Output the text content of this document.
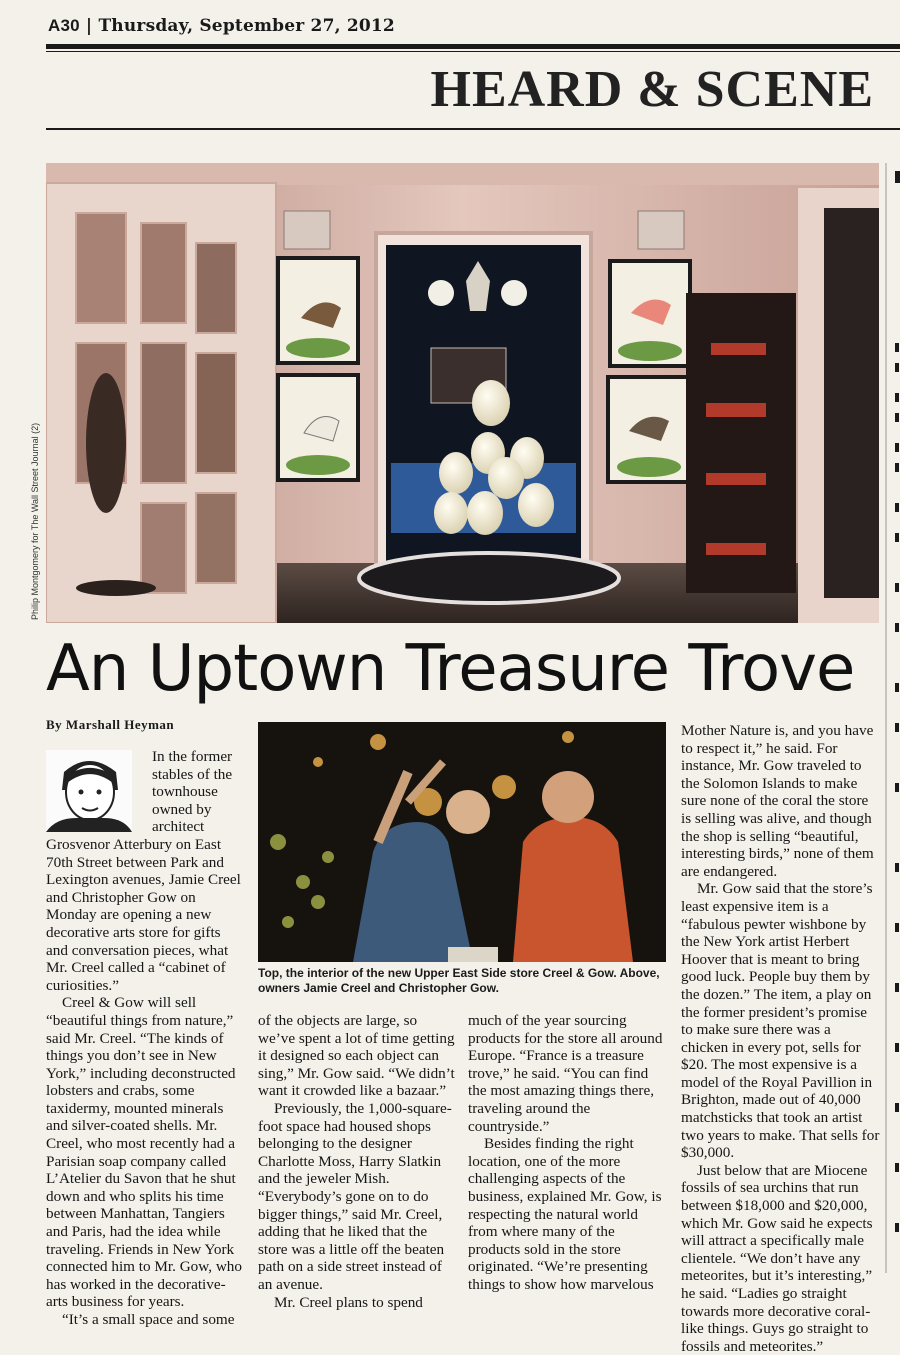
A30 | Thursday, September 27, 2012
HEARD & SCENE
Philip Montgomery for The Wall Street Journal (2)
An Uptown Treasure Trove
By Marshall Heyman

In the former stables of the townhouse owned by architect Grosvenor Atterbury on East 70th Street between Park and Lexington avenues, Jamie Creel and Christopher Gow on Monday are opening a new decorative arts store for gifts and conversation pieces, what Mr. Creel called a “cabinet of curiosities.”

Creel & Gow will sell “beautiful things from nature,” said Mr. Creel. “The kinds of things you don’t see in New York,” including deconstructed lobsters and crabs, some taxidermy, mounted minerals and silver-coated shells. Mr. Creel, who most recently had a Parisian soap company called L’Atelier du Savon that he shut down and who splits his time between Manhattan, Tangiers and Paris, had the idea while traveling. Friends in New York connected him to Mr. Gow, who has worked in the decorative-arts business for years.

“It’s a small space and some

Top, the interior of the new Upper East Side store Creel & Gow. Above, owners Jamie Creel and Christopher Gow.

of the objects are large, so we’ve spent a lot of time getting it designed so each object can sing,” Mr. Gow said. “We didn’t want it crowded like a bazaar.”

Previously, the 1,000-square-foot space had housed shops belonging to the designer Charlotte Moss, Harry Slatkin and the jeweler Mish. “Everybody’s gone on to do bigger things,” said Mr. Creel, adding that he liked that the store was a little off the beaten path on a side street instead of an avenue.

Mr. Creel plans to spend

much of the year sourcing products for the store all around Europe. “France is a treasure trove,” he said. “You can find the most amazing things there, traveling around the countryside.”

Besides finding the right location, one of the more challenging aspects of the business, explained Mr. Gow, is respecting the natural world from where many of the products sold in the store originated. “We’re presenting things to show how marvelous

Mother Nature is, and you have to respect it,” he said. For instance, Mr. Gow traveled to the Solomon Islands to make sure none of the coral the store is selling was alive, and though the shop is selling “beautiful, interesting birds,” none of them are endangered.

Mr. Gow said that the store’s least expensive item is a “fabulous pewter wishbone by the New York artist Herbert Hoover that is meant to bring good luck. People buy them by the dozen.” The item, a play on the former president’s promise to make sure there was a chicken in every pot, sells for $20. The most expensive is a model of the Royal Pavillion in Brighton, made out of 40,000 matchsticks that took an artist two years to make. That sells for $30,000.

Just below that are Miocene fossils of sea urchins that run between $18,000 and $20,000, which Mr. Gow said he expects will attract a specifically male clientele. “We don’t have any meteorites, but it’s interesting,” he said. “Ladies go straight towards more decorative coral-like things. Guys go straight to fossils and meteorites.”
